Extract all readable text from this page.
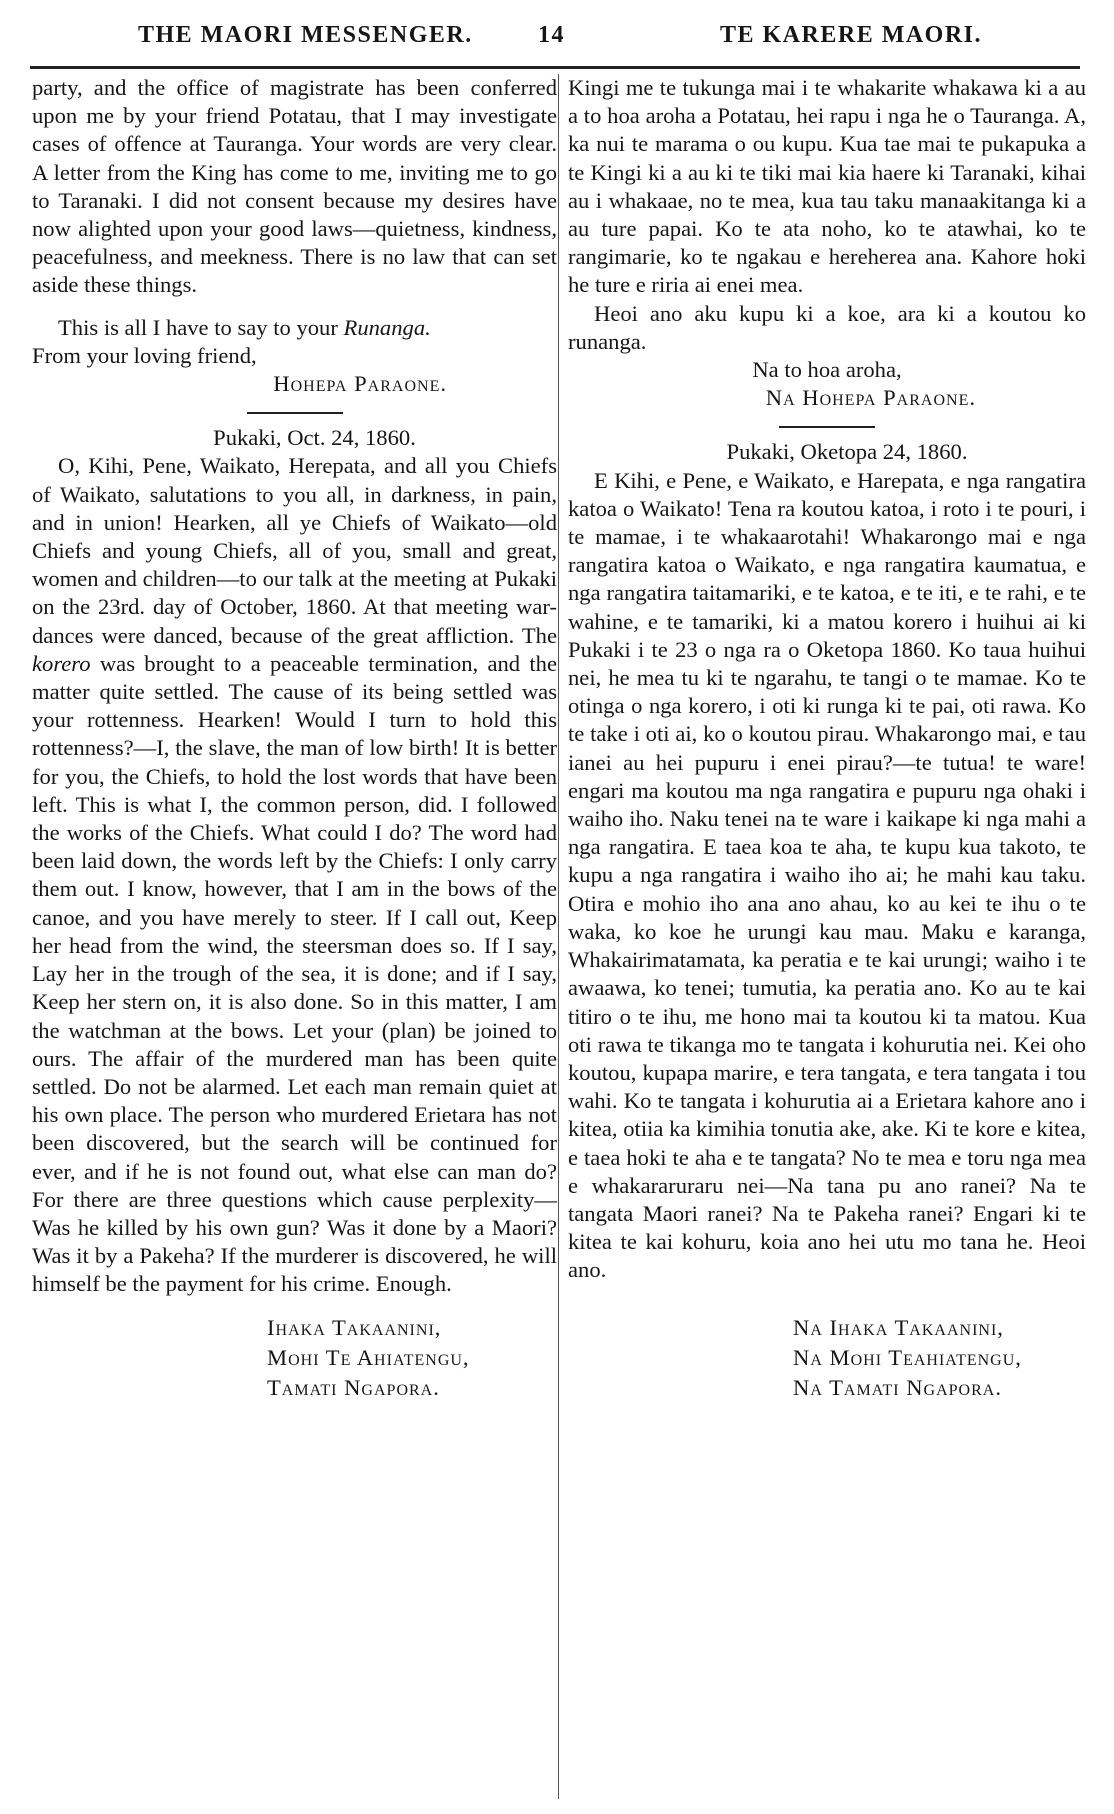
THE MAORI MESSENGER.	14	TE KARERE MAORI.

party, and the office of magistrate has been conferred upon me by your friend Potatau, that I may investigate cases of offence at Tauranga. Your words are very clear. A letter from the King has come to me, inviting me to go to Taranaki. I did not consent because my desires have now alighted upon your good laws—quietness, kindness, peacefulness, and meekness. There is no law that can set aside these things.

This is all I have to say to your Runanga.

From your loving friend,

Hohepa Paraone.

Pukaki, Oct. 24, 1860.

O, Kihi, Pene, Waikato, Herepata, and all you Chiefs of Waikato, salutations to you all, in darkness, in pain, and in union! Hearken, all ye Chiefs of Waikato—old Chiefs and young Chiefs, all of you, small and great, women and children—to our talk at the meeting at Pukaki on the 23rd. day of October, 1860. At that meeting war-dances were danced, because of the great affliction. The korero was brought to a peaceable termination, and the matter quite settled. The cause of its being settled was your rottenness. Hearken! Would I turn to hold this rottenness?—I, the slave, the man of low birth! It is better for you, the Chiefs, to hold the lost words that have been left. This is what I, the common person, did. I followed the works of the Chiefs. What could I do? The word had been laid down, the words left by the Chiefs: I only carry them out. I know, however, that I am in the bows of the canoe, and you have merely to steer. If I call out, Keep her head from the wind, the steersman does so. If I say, Lay her in the trough of the sea, it is done; and if I say, Keep her stern on, it is also done. So in this matter, I am the watchman at the bows. Let your (plan) be joined to ours. The affair of the murdered man has been quite settled. Do not be alarmed. Let each man remain quiet at his own place. The person who murdered Erietara has not been discovered, but the search will be continued for ever, and if he is not found out, what else can man do? For there are three questions which cause perplexity—Was he killed by his own gun? Was it done by a Maori? Was it by a Pakeha? If the murderer is discovered, he will himself be the payment for his crime. Enough.

Ihaka Takaanini,
Mohi Te Ahiatengu,
Tamati Ngapora.

Kingi me te tukunga mai i te whakarite whakawa ki a au a to hoa aroha a Potatau, hei rapu i nga he o Tauranga. A, ka nui te marama o ou kupu. Kua tae mai te pukapuka a te Kingi ki a au ki te tiki mai kia haere ki Taranaki, kihai au i whakaae, no te mea, kua tau taku manaakitanga ki a au ture papai. Ko te ata noho, ko te atawhai, ko te rangimarie, ko te ngakau e hereherea ana. Kahore hoki he ture e riria ai enei mea.

Heoi ano aku kupu ki a koe, ara ki a koutou ko runanga.

Na to hoa aroha,

Na Hohepa Paraone.

Pukaki, Oketopa 24, 1860.

E Kihi, e Pene, e Waikato, e Harepata, e nga rangatira katoa o Waikato! Tena ra koutou katoa, i roto i te pouri, i te mamae, i te whakaarotahi! Whakarongo mai e nga rangatira katoa o Waikato, e nga rangatira kaumatua, e nga rangatira taitamariki, e te katoa, e te iti, e te rahi, e te wahine, e te tamariki, ki a matou korero i huihui ai ki Pukaki i te 23 o nga ra o Oketopa 1860. Ko taua huihui nei, he mea tu ki te ngarahu, te tangi o te mamae. Ko te otinga o nga korero, i oti ki runga ki te pai, oti rawa. Ko te take i oti ai, ko o koutou pirau. Whakarongo mai, e tau ianei au hei pupuru i enei pirau?—te tutua! te ware! engari ma koutou ma nga rangatira e pupuru nga ohaki i waiho iho. Naku tenei na te ware i kaikape ki nga mahi a nga rangatira. E taea koa te aha, te kupu kua takoto, te kupu a nga rangatira i waiho iho ai; he mahi kau taku. Otira e mohio iho ana ano ahau, ko au kei te ihu o te waka, ko koe he urungi kau mau. Maku e karanga, Whakairimatamata, ka peratia e te kai urungi; waiho i te awaawa, ko tenei; tumutia, ka peratia ano. Ko au te kai titiro o te ihu, me hono mai ta koutou ki ta matou. Kua oti rawa te tikanga mo te tangata i kohurutia nei. Kei oho koutou, kupapa marire, e tera tangata, e tera tangata i tou wahi. Ko te tangata i kohurutia ai a Erietara kahore ano i kitea, otiia ka kimihia tonutia ake, ake. Ki te kore e kitea, e taea hoki te aha e te tangata? No te mea e toru nga mea e whakararuraru nei—Na tana pu ano ranei? Na te tangata Maori ranei? Na te Pakeha ranei? Engari ki te kitea te kai kohuru, koia ano hei utu mo tana he. Heoi ano.

Na Ihaka Takaanini,
Na Mohi Teahiatengu,
Na Tamati Ngapora.
